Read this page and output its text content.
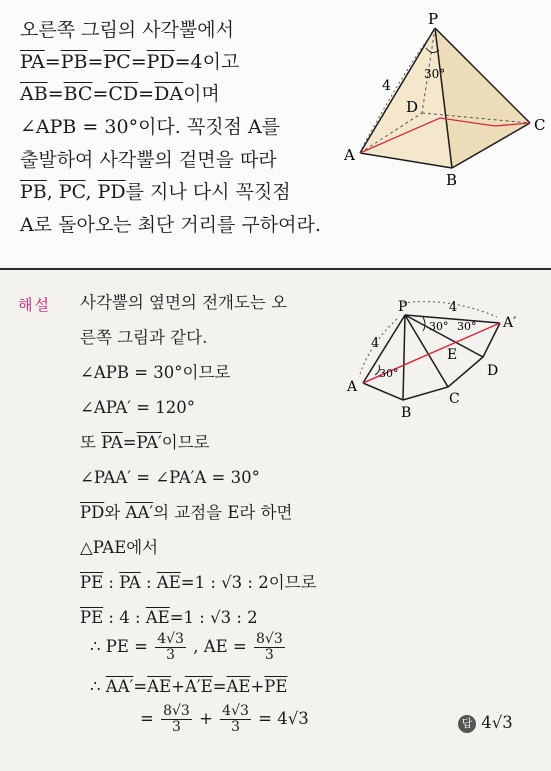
오른쪽 그림의 사각뿔에서
$\overline{PA}=\overline{PB}=\overline{PC}=\overline{PD}=4$이고
$\overline{AB}=\overline{BC}=\overline{CD}=\overline{DA}$이며
∠APB = 30°이다. 꼭짓점 A를
출발하여 사각뿔의 겉면을 따라
$\overline{PB}$, $\overline{PC}$, $\overline{PD}$를 지나 다시 꼭짓점
A로 돌아오는 최단 거리를 구하여라.
P
A
B
C
D
4
30°
해설 사각뿔의 옆면의 전개도는 오
른쪽 그림과 같다.
∠APB = 30°이므로
∠APA′ = 120°
또 $\overline{PA}=PA'$이므로
∠PAA′ = ∠PA′A = 30°
$\overline{PD}$와 AA′의 교점을 E라 하면
△PAE에서
$\overline{PE}$ : $\overline{PA}$ : $\overline{AE}=1$ : √3 : 2이므로
$\overline{PE}$ : 4 : $\overline{AE}=1$ : √3 : 2
∴ PE = $\frac{4√3}{3}$ , AE = $\frac{8√3}{3}$
∴ $AA'=\overline{AE}+A'E=\overline{AE}+\overline{PE}$
= $\frac{8√3}{3} + \frac{4√3}{3} = 4√3$	답 4√3
P
A′
A
B
C
D
E
4
4
30° 30°
30°
